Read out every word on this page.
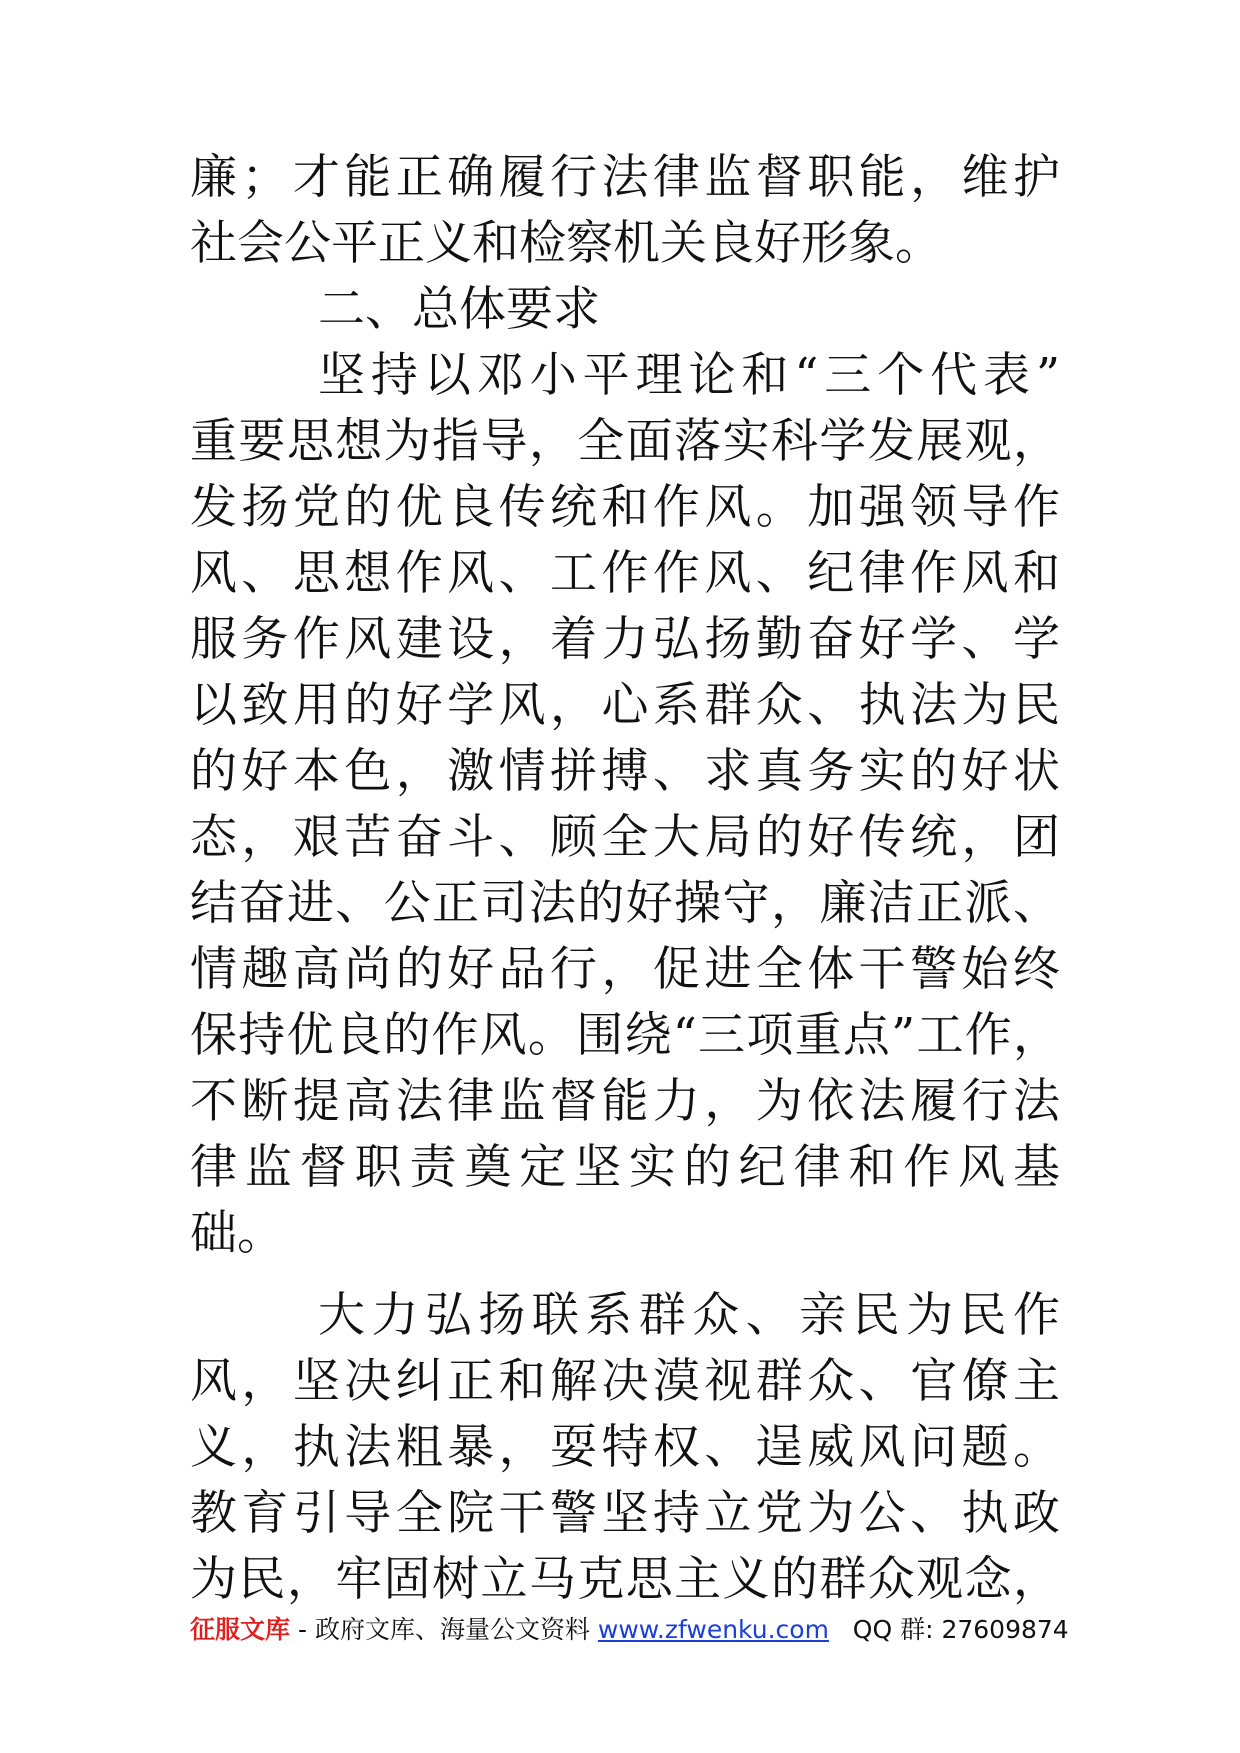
廉；才能正确履行法律监督职能，维护
社会公平正义和检察机关良好形象。
二、总体要求
坚持以邓小平理论和“三个代表”
重要思想为指导，全面落实科学发展观，
发扬党的优良传统和作风。加强领导作
风、思想作风、工作作风、纪律作风和
服务作风建设，着力弘扬勤奋好学、学
以致用的好学风，心系群众、执法为民
的好本色，激情拼搏、求真务实的好状
态，艰苦奋斗、顾全大局的好传统，团
结奋进、公正司法的好操守，廉洁正派、
情趣高尚的好品行，促进全体干警始终
保持优良的作风。围绕“三项重点”工作，
不断提高法律监督能力，为依法履行法
律监督职责奠定坚实的纪律和作风基
础。
大力弘扬联系群众、亲民为民作
风，坚决纠正和解决漠视群众、官僚主
义，执法粗暴，耍特权、逞威风问题。
教育引导全院干警坚持立党为公、执政
为民，牢固树立马克思主义的群众观念，
征服文库 - 政府文库、海量公文资料 www.zfwenku.com QQ 群: 27609874
